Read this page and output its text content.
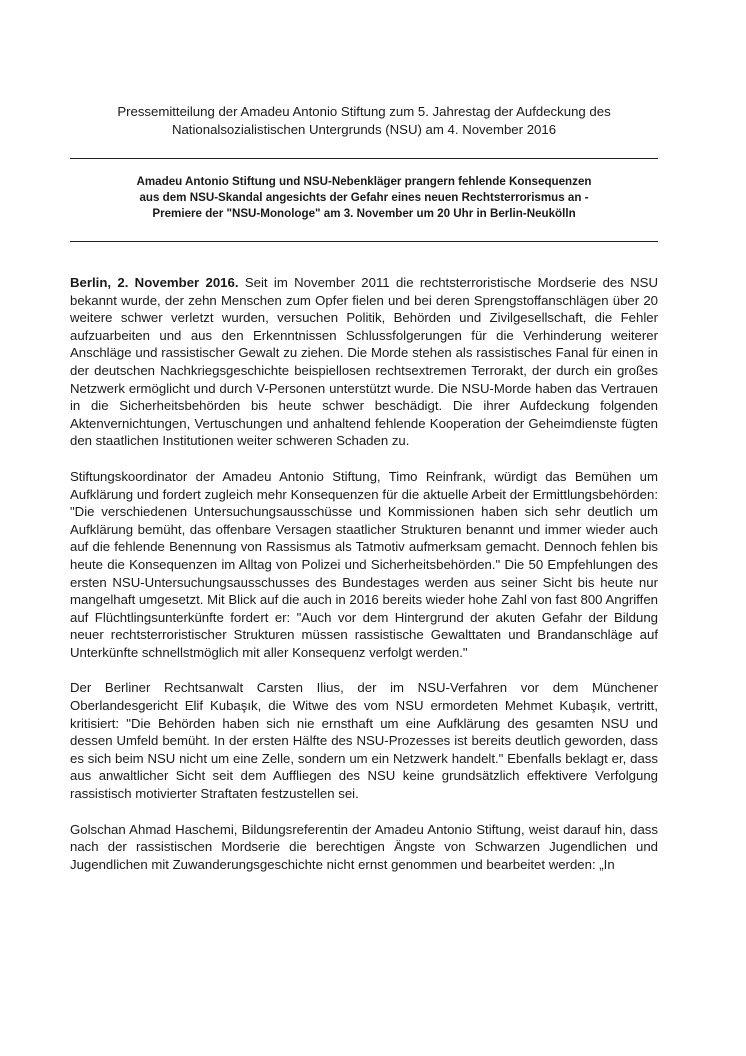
Pressemitteilung der Amadeu Antonio Stiftung zum 5. Jahrestag der Aufdeckung des
Nationalsozialistischen Untergrunds (NSU) am 4. November 2016
Amadeu Antonio Stiftung und NSU-Nebenkläger prangern fehlende Konsequenzen
aus dem NSU-Skandal angesichts der Gefahr eines neuen Rechtsterrorismus an -
Premiere der "NSU-Monologe" am 3. November um 20 Uhr in Berlin-Neukölln

Berlin, 2. November 2016. Seit im November 2011 die rechtsterroristische Mordserie des NSU bekannt wurde, der zehn Menschen zum Opfer fielen und bei deren Sprengstoffanschlägen über 20 weitere schwer verletzt wurden, versuchen Politik, Behörden und Zivilgesellschaft, die Fehler aufzuarbeiten und aus den Erkenntnissen Schlussfolgerungen für die Verhinderung weiterer Anschläge und rassistischer Gewalt zu ziehen. Die Morde stehen als rassistisches Fanal für einen in der deutschen Nachkriegsgeschichte beispiellosen rechtsextremen Terrorakt, der durch ein großes Netzwerk ermöglicht und durch V-Personen unterstützt wurde. Die NSU-Morde haben das Vertrauen in die Sicherheitsbehörden bis heute schwer beschädigt. Die ihrer Aufdeckung folgenden Aktenvernichtungen, Vertuschungen und anhaltend fehlende Kooperation der Geheimdienste fügten den staatlichen Institutionen weiter schweren Schaden zu.

Stiftungskoordinator der Amadeu Antonio Stiftung, Timo Reinfrank, würdigt das Bemühen um Aufklärung und fordert zugleich mehr Konsequenzen für die aktuelle Arbeit der Ermittlungsbehörden: "Die verschiedenen Untersuchungsausschüsse und Kommissionen haben sich sehr deutlich um Aufklärung bemüht, das offenbare Versagen staatlicher Strukturen benannt und immer wieder auch auf die fehlende Benennung von Rassismus als Tatmotiv aufmerksam gemacht. Dennoch fehlen bis heute die Konsequenzen im Alltag von Polizei und Sicherheitsbehörden." Die 50 Empfehlungen des ersten NSU-Untersuchungsausschusses des Bundestages werden aus seiner Sicht bis heute nur mangelhaft umgesetzt. Mit Blick auf die auch in 2016 bereits wieder hohe Zahl von fast 800 Angriffen auf Flüchtlingsunterkünfte fordert er: "Auch vor dem Hintergrund der akuten Gefahr der Bildung neuer rechtsterroristischer Strukturen müssen rassistische Gewalttaten und Brandanschläge auf Unterkünfte schnellstmöglich mit aller Konsequenz verfolgt werden."

Der Berliner Rechtsanwalt Carsten Ilius, der im NSU-Verfahren vor dem Münchener Oberlandesgericht Elif Kubaşık, die Witwe des vom NSU ermordeten Mehmet Kubaşık, vertritt, kritisiert: "Die Behörden haben sich nie ernsthaft um eine Aufklärung des gesamten NSU und dessen Umfeld bemüht. In der ersten Hälfte des NSU-Prozesses ist bereits deutlich geworden, dass es sich beim NSU nicht um eine Zelle, sondern um ein Netzwerk handelt." Ebenfalls beklagt er, dass aus anwaltlicher Sicht seit dem Auffliegen des NSU keine grundsätzlich effektivere Verfolgung rassistisch motivierter Straftaten festzustellen sei.

Golschan Ahmad Haschemi, Bildungsreferentin der Amadeu Antonio Stiftung, weist darauf hin, dass nach der rassistischen Mordserie die berechtigen Ängste von Schwarzen Jugendlichen und Jugendlichen mit Zuwanderungsgeschichte nicht ernst genommen und bearbeitet werden: „In
